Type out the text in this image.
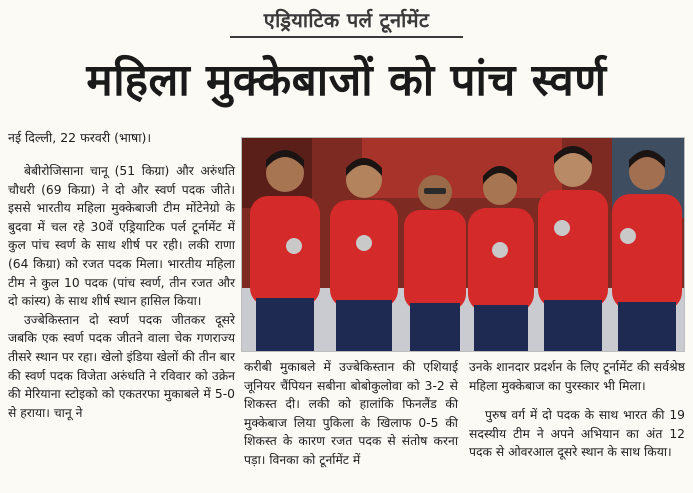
एड्रियाटिक पर्ल टूर्नामेंट
महिला मुक्केबाजों को पांच स्वर्ण
नई दिल्ली, 22 फरवरी (भाषा)।

बेबीरोजिसाना चानू (51 किग्रा) और अरुंधति चौधरी (69 किग्रा) ने दो और स्वर्ण पदक जीते। इससे भारतीय महिला मुक्केबाजी टीम मोंटेनेग्रो के बुदवा में चल रहे 30वें एड्रियाटिक पर्ल टूर्नामेंट में कुल पांच स्वर्ण के साथ शीर्ष पर रही। लकी राणा (64 किग्रा) को रजत पदक मिला। भारतीय महिला टीम ने कुल 10 पदक (पांच स्वर्ण, तीन रजत और दो कांस्य) के साथ शीर्ष स्थान हासिल किया।

उज्बेकिस्तान दो स्वर्ण पदक जीतकर दूसरे जबकि एक स्वर्ण पदक जीतने वाला चेक गणराज्य तीसरे स्थान पर रहा। खेलो इंडिया खेलों की तीन बार की स्वर्ण पदक विजेता अरुंधति ने रविवार को उक्रेन की मेरियाना स्टोइको को एकतरफा मुकाबले में 5-0 से हराया। चानू ने

करीबी मुकाबले में उज्बेकिस्तान की एशियाई जूनियर चैंपियन सबीना बोबोकुलोवा को 3-2 से शिकस्त दी। लकी को हालांकि फिनलैंड की मुक्केबाज लिया पुकिला के खिलाफ 0-5 की शिकस्त के कारण रजत पदक से संतोष करना पड़ा। विनका को टूर्नामेंट में

उनके शानदार प्रदर्शन के लिए टूर्नामेंट की सर्वश्रेष्ठ महिला मुक्केबाज का पुरस्कार भी मिला।

पुरुष वर्ग में दो पदक के साथ भारत की 19 सदस्यीय टीम ने अपने अभियान का अंत 12 पदक से ओवरआल दूसरे स्थान के साथ किया।
